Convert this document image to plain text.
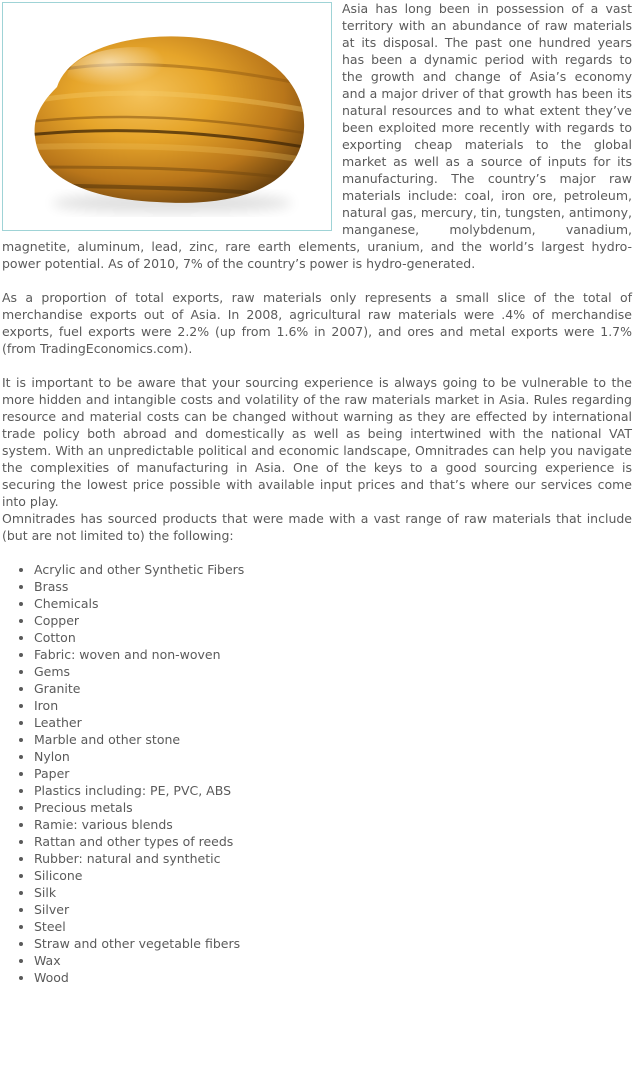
Asia has long been in possession of a vast territory with an abundance of raw materials at its disposal. The past one hundred years has been a dynamic period with regards to the growth and change of Asia’s economy and a major driver of that growth has been its natural resources and to what extent they’ve been exploited more recently with regards to exporting cheap materials to the global market as well as a source of inputs for its manufacturing. The country’s major raw materials include: coal, iron ore, petroleum, natural gas, mercury, tin, tungsten, antimony, manganese, molybdenum, vanadium, magnetite, aluminum, lead, zinc, rare earth elements, uranium, and the world’s largest hydro-power potential. As of 2010, 7% of the country’s power is hydro-generated.

As a proportion of total exports, raw materials only represents a small slice of the total of merchandise exports out of Asia. In 2008, agricultural raw materials were .4% of merchandise exports, fuel exports were 2.2% (up from 1.6% in 2007), and ores and metal exports were 1.7% (from TradingEconomics.com).

It is important to be aware that your sourcing experience is always going to be vulnerable to the more hidden and intangible costs and volatility of the raw materials market in Asia. Rules regarding resource and material costs can be changed without warning as they are effected by international trade policy both abroad and domestically as well as being intertwined with the national VAT system. With an unpredictable political and economic landscape, Omnitrades can help you navigate the complexities of manufacturing in Asia. One of the keys to a good sourcing experience is securing the lowest price possible with available input prices and that’s where our services come into play.

Omnitrades has sourced products that were made with a vast range of raw materials that include (but are not limited to) the following:

• Acrylic and other Synthetic Fibers
• Brass
• Chemicals
• Copper
• Cotton
• Fabric: woven and non-woven
• Gems
• Granite
• Iron
• Leather
• Marble and other stone
• Nylon
• Paper
• Plastics including: PE, PVC, ABS
• Precious metals
• Ramie: various blends
• Rattan and other types of reeds
• Rubber: natural and synthetic
• Silicone
• Silk
• Silver
• Steel
• Straw and other vegetable fibers
• Wax
• Wood
